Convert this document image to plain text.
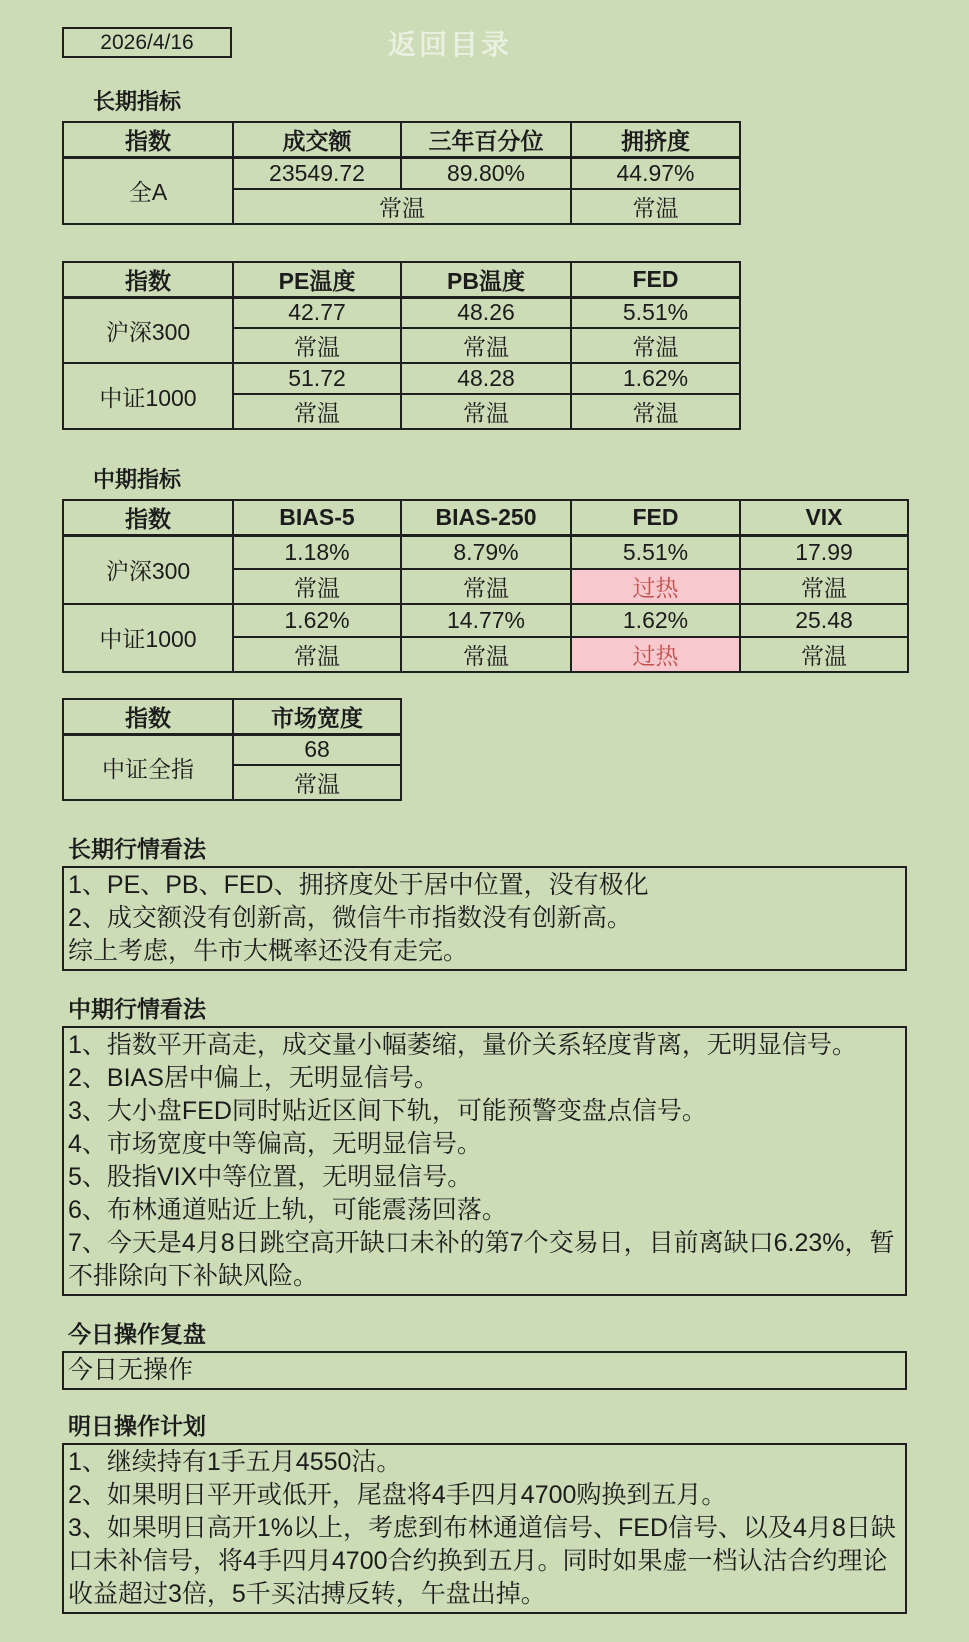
返回目录
2026/4/16
长期指标
指数	成交额	三年百分位	拥挤度
全A	23549.72	89.80%	44.97%
	常温		常温
指数	PE温度	PB温度	FED
沪深300	42.77	48.26	5.51%
	常温	常温	常温
中证1000	51.72	48.28	1.62%
	常温	常温	常温
中期指标
指数	BIAS-5	BIAS-250	FED	VIX
沪深300	1.18%	8.79%	5.51%	17.99
	常温	常温	过热	常温
中证1000	1.62%	14.77%	1.62%	25.48
	常温	常温	过热	常温
指数	市场宽度
中证全指	68
	常温
长期行情看法
1、PE、PB、FED、拥挤度处于居中位置，没有极化
2、成交额没有创新高，微信牛市指数没有创新高。
综上考虑，牛市大概率还没有走完。
中期行情看法
1、指数平开高走，成交量小幅萎缩，量价关系轻度背离，无明显信号。
2、BIAS居中偏上，无明显信号。
3、大小盘FED同时贴近区间下轨，可能预警变盘点信号。
4、市场宽度中等偏高，无明显信号。
5、股指VIX中等位置，无明显信号。
6、布林通道贴近上轨，可能震荡回落。
7、今天是4月8日跳空高开缺口未补的第7个交易日，目前离缺口6.23%，暂不排除向下补缺风险。
今日操作复盘
今日无操作
明日操作计划
1、继续持有1手五月4550沽。
2、如果明日平开或低开，尾盘将4手四月4700购换到五月。
3、如果明日高开1%以上，考虑到布林通道信号、FED信号、以及4月8日缺口未补信号，将4手四月4700合约换到五月。同时如果虚一档认沽合约理论收益超过3倍，5千买沽搏反转，午盘出掉。
